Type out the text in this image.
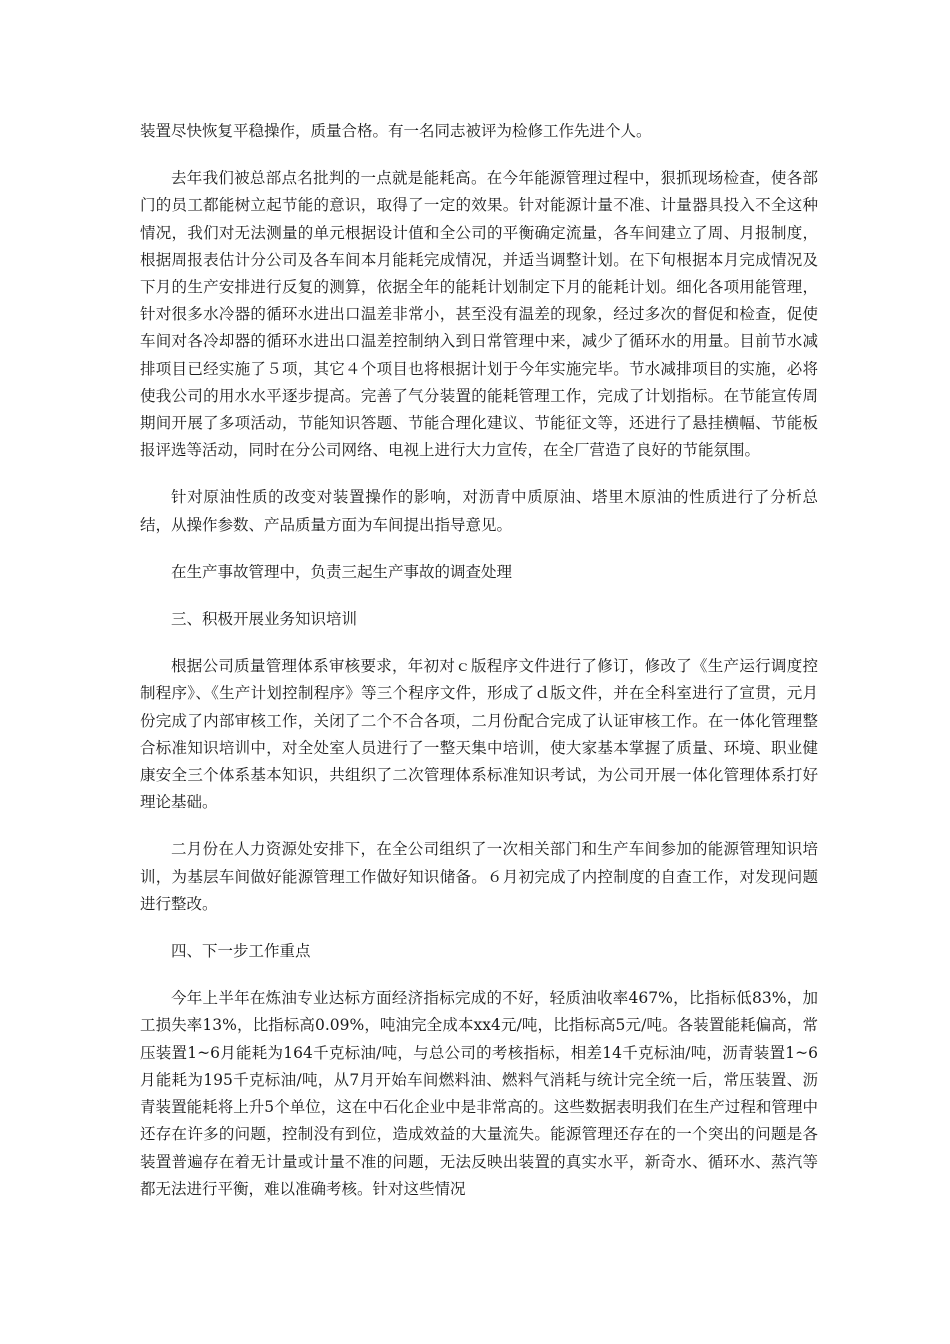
装置尽快恢复平稳操作，质量合格。有一名同志被评为检修工作先进个人。

去年我们被总部点名批判的一点就是能耗高。在今年能源管理过程中，狠抓现场检查，使各部门的员工都能树立起节能的意识，取得了一定的效果。针对能源计量不准、计量器具投入不全这种情况，我们对无法测量的单元根据设计值和全公司的平衡确定流量，各车间建立了周、月报制度，根据周报表估计分公司及各车间本月能耗完成情况，并适当调整计划。在下旬根据本月完成情况及下月的生产安排进行反复的测算，依据全年的能耗计划制定下月的能耗计划。细化各项用能管理，针对很多水冷器的循环水进出口温差非常小，甚至没有温差的现象，经过多次的督促和检查，促使车间对各冷却器的循环水进出口温差控制纳入到日常管理中来，减少了循环水的用量。目前节水减排项目已经实施了５项，其它４个项目也将根据计划于今年实施完毕。节水减排项目的实施，必将使我公司的用水水平逐步提高。完善了气分装置的能耗管理工作，完成了计划指标。在节能宣传周期间开展了多项活动，节能知识答题、节能合理化建议、节能征文等，还进行了悬挂横幅、节能板报评选等活动，同时在分公司网络、电视上进行大力宣传，在全厂营造了良好的节能氛围。

针对原油性质的改变对装置操作的影响，对沥青中质原油、塔里木原油的性质进行了分析总结，从操作参数、产品质量方面为车间提出指导意见。

在生产事故管理中，负责三起生产事故的调查处理

三、积极开展业务知识培训

根据公司质量管理体系审核要求，年初对ｃ版程序文件进行了修订，修改了《生产运行调度控制程序》、《生产计划控制程序》等三个程序文件，形成了ｄ版文件，并在全科室进行了宣贯，元月份完成了内部审核工作，关闭了二个不合各项，二月份配合完成了认证审核工作。在一体化管理整合标准知识培训中，对全处室人员进行了一整天集中培训，使大家基本掌握了质量、环境、职业健康安全三个体系基本知识，共组织了二次管理体系标准知识考试，为公司开展一体化管理体系打好理论基础。

二月份在人力资源处安排下，在全公司组织了一次相关部门和生产车间参加的能源管理知识培训，为基层车间做好能源管理工作做好知识储备。６月初完成了内控制度的自查工作，对发现问题进行整改。

四、下一步工作重点

今年上半年在炼油专业达标方面经济指标完成的不好，轻质油收率467%，比指标低83%，加工损失率13%，比指标高0.09%，吨油完全成本xx4元/吨，比指标高5元/吨。各装置能耗偏高，常压装置1~6月能耗为164千克标油/吨，与总公司的考核指标，相差14千克标油/吨，沥青装置1~6月能耗为195千克标油/吨，从7月开始车间燃料油、燃料气消耗与统计完全统一后，常压装置、沥青装置能耗将上升5个单位，这在中石化企业中是非常高的。这些数据表明我们在生产过程和管理中还存在许多的问题，控制没有到位，造成效益的大量流失。能源管理还存在的一个突出的问题是各装置普遍存在着无计量或计量不准的问题，无法反映出装置的真实水平，新奇水、循环水、蒸汽等都无法进行平衡，难以准确考核。针对这些情况
